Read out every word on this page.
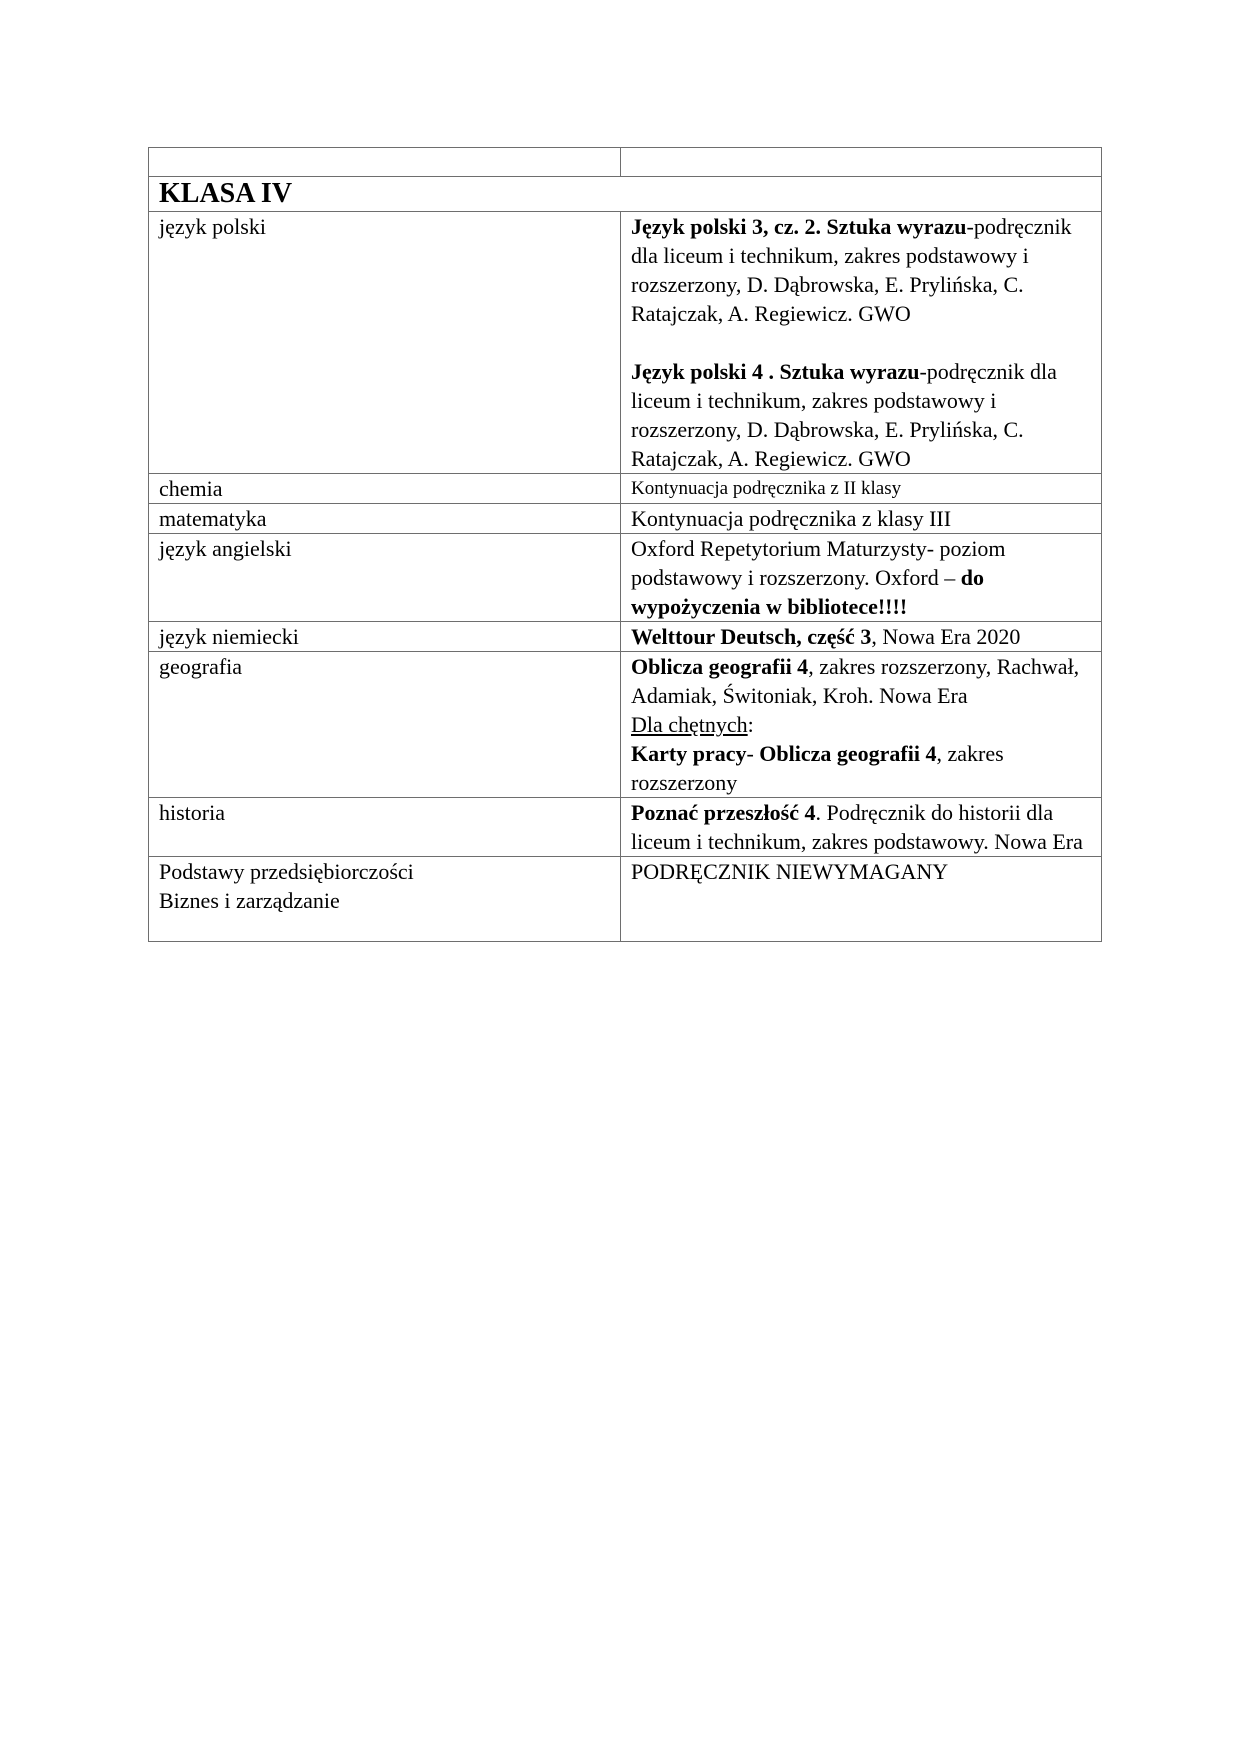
KLASA IV	
język polski	Język polski 3, cz. 2. Sztuka wyrazu-podręcznik dla liceum i technikum, zakres podstawowy i rozszerzony, D. Dąbrowska, E. Prylińska, C. Ratajczak, A. Regiewicz. GWO
Język polski 4 . Sztuka wyrazu-podręcznik dla liceum i technikum, zakres podstawowy i rozszerzony, D. Dąbrowska, E. Prylińska, C. Ratajczak, A. Regiewicz. GWO
chemia	Kontynuacja podręcznika z II klasy
matematyka	Kontynuacja podręcznika z klasy III
język angielski	Oxford Repetytorium Maturzysty- poziom podstawowy i rozszerzony. Oxford – do wypożyczenia w bibliotece!!!!
język niemiecki	Welttour Deutsch, część 3, Nowa Era 2020
geografia	Oblicza geografii 4, zakres rozszerzony, Rachwał, Adamiak, Świtoniak, Kroh. Nowa Era
Dla chętnych:
Karty pracy- Oblicza geografii 4, zakres rozszerzony
historia	Poznać przeszłość 4. Podręcznik do historii dla liceum i technikum, zakres podstawowy. Nowa Era

Podstawy przedsiębiorczości
Biznes i zarządzanie	PODRĘCZNIK NIEWYMAGANY
